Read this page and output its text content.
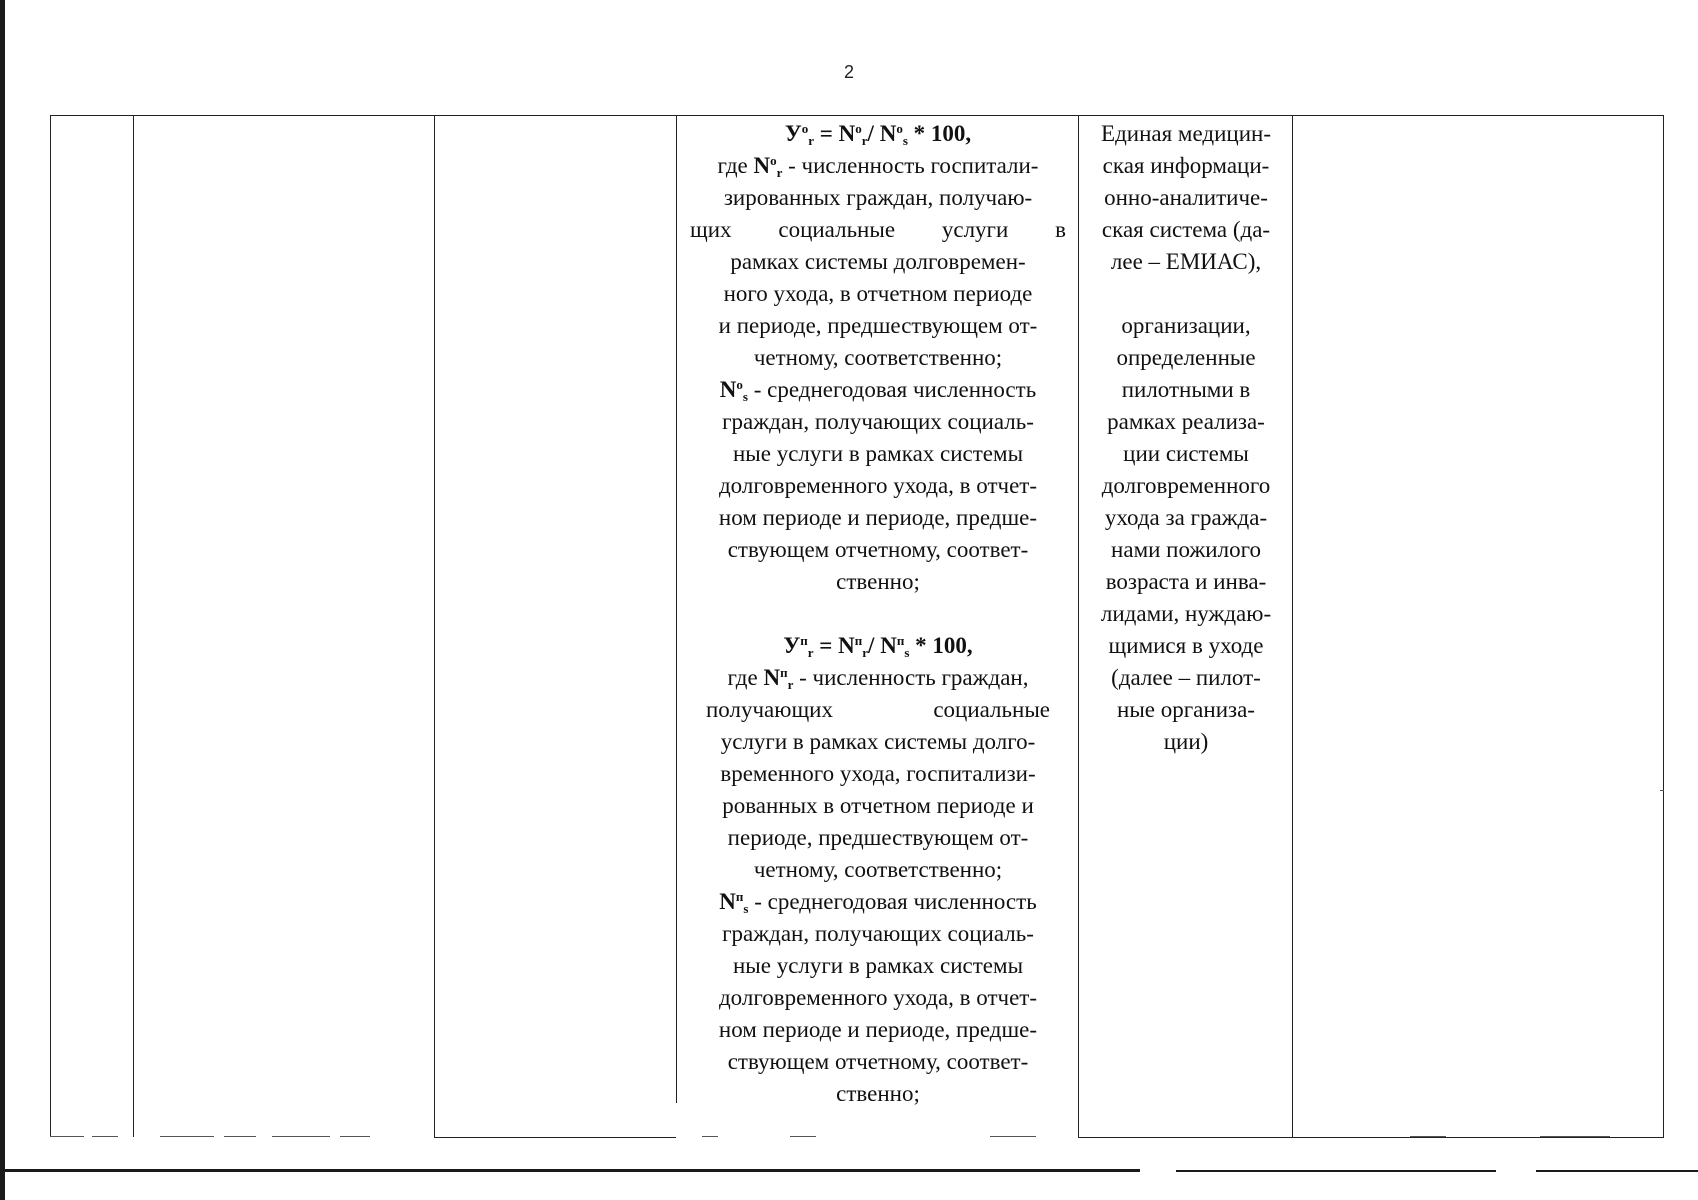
2
$У^о_r = N^о_r/$ $N^о_s * 100$,
где $N^о_r$ - численность госпитали-
зированных граждан, получаю-
щих социальные услуги в
рамках системы долговремен-
ного ухода, в отчетном периоде
и периоде, предшествующем от-
четному, соответственно;
$N^о_s$ - среднегодовая численность
граждан, получающих социаль-
ные услуги в рамках системы
долговременного ухода, в отчет-
ном периоде и периоде, предше-
ствующем отчетному, соответ-
ственно;
$У^п_r = N^п_r/$ $N^п_s * 100$,
где $N^п_r$ - численность граждан,
получающих социальные
услуги в рамках системы долго-
временного ухода, госпитализи-
рованных в отчетном периоде и
периоде, предшествующем от-
четному, соответственно;
$N^п_s$ - среднегодовая численность
граждан, получающих социаль-
ные услуги в рамках системы
долговременного ухода, в отчет-
ном периоде и периоде, предше-
ствующем отчетному, соответ-
ственно;
Единая медицин-
ская информаци-
онно-аналитиче-
ская система (да-
лее – ЕМИАС),
организации,
определенные
пилотными в
рамках реализа-
ции системы
долговременного
ухода за гражда-
нами пожилого
возраста и инва-
лидами, нуждаю-
щимися в уходе
(далее – пилот-
ные организа-
ции)
